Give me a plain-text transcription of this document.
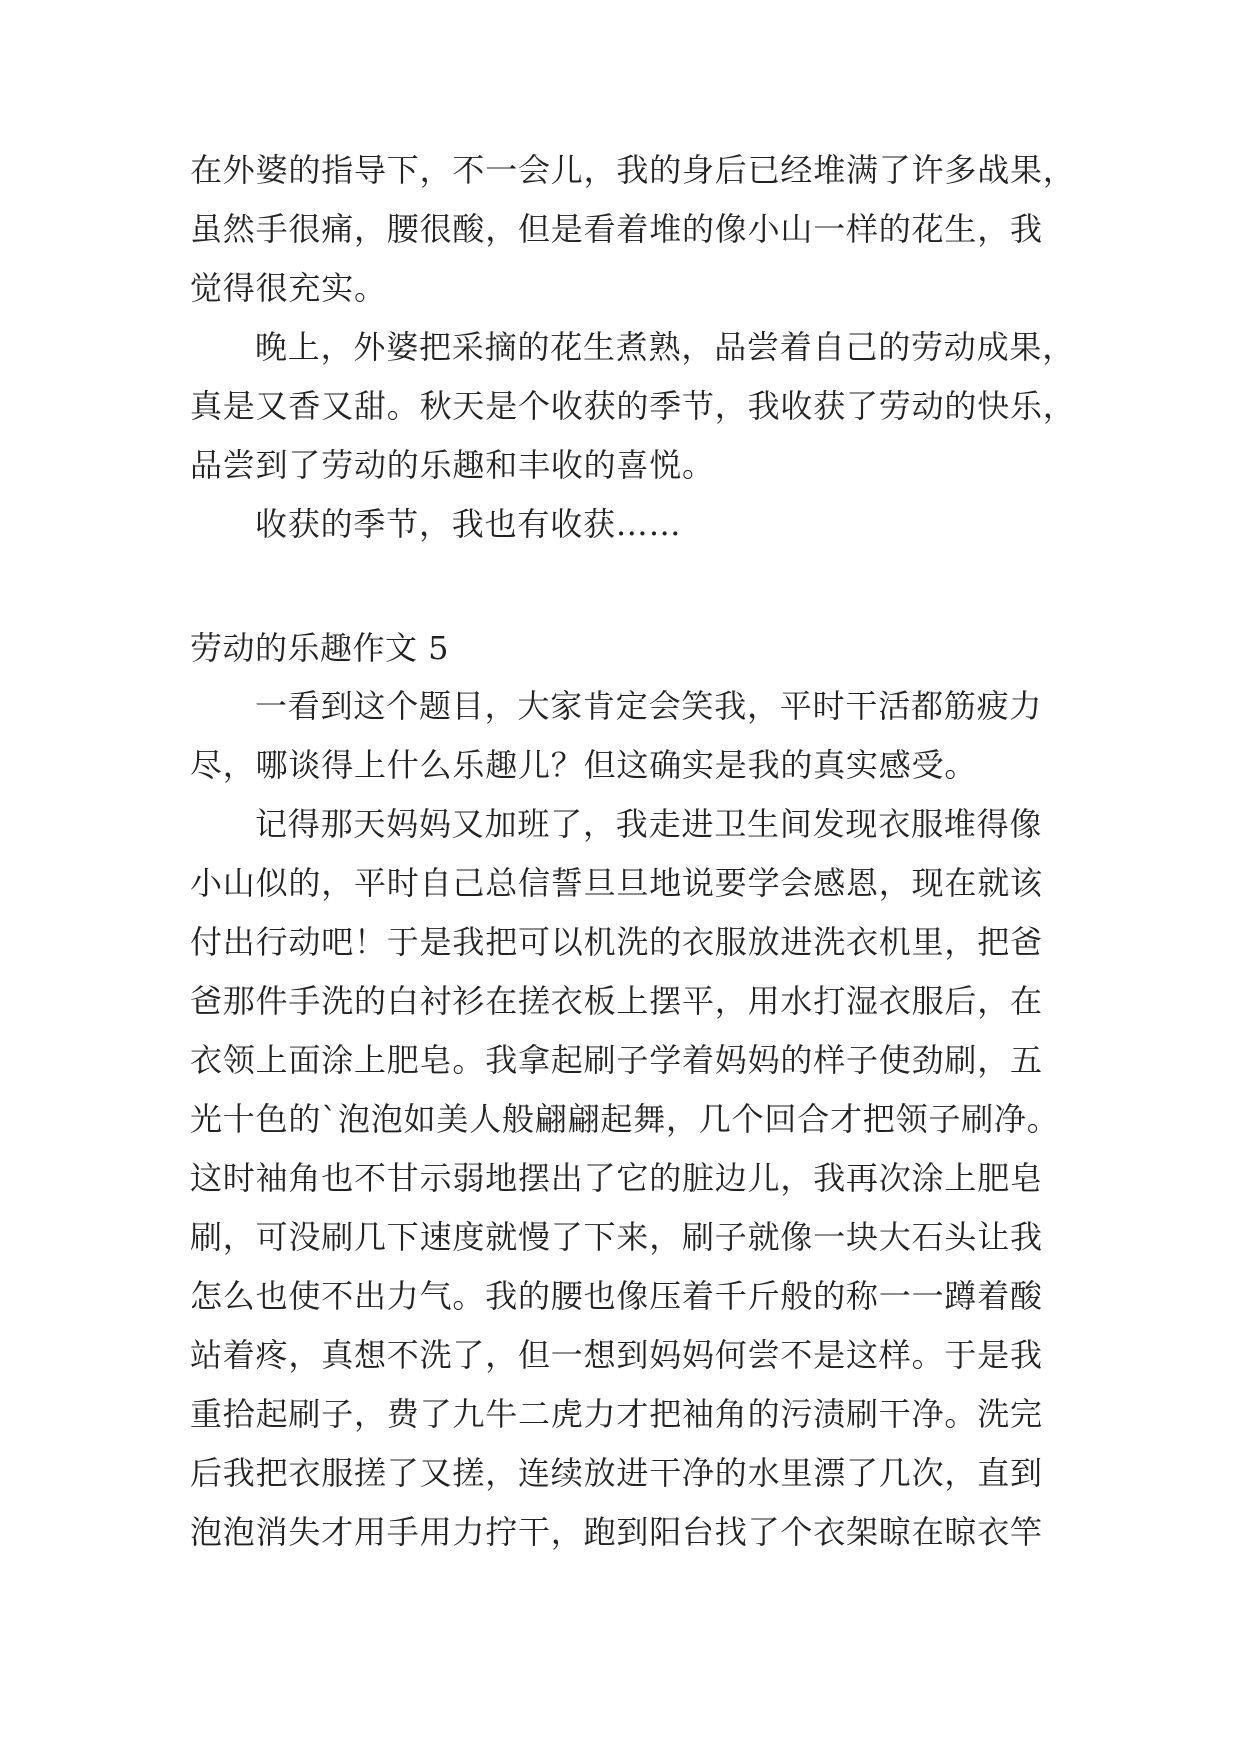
在外婆的指导下，不一会儿，我的身后已经堆满了许多战果，
虽然手很痛，腰很酸，但是看着堆的像小山一样的花生，我
觉得很充实。
晚上，外婆把采摘的花生煮熟，品尝着自己的劳动成果，
真是又香又甜。秋天是个收获的季节，我收获了劳动的快乐，
品尝到了劳动的乐趣和丰收的喜悦。
收获的季节，我也有收获……
劳动的乐趣作文 5
一看到这个题目，大家肯定会笑我，平时干活都筋疲力
尽，哪谈得上什么乐趣儿？但这确实是我的真实感受。
记得那天妈妈又加班了，我走进卫生间发现衣服堆得像
小山似的，平时自己总信誓旦旦地说要学会感恩，现在就该
付出行动吧！于是我把可以机洗的衣服放进洗衣机里，把爸
爸那件手洗的白衬衫在搓衣板上摆平，用水打湿衣服后，在
衣领上面涂上肥皂。我拿起刷子学着妈妈的样子使劲刷，五
光十色的`泡泡如美人般翩翩起舞，几个回合才把领子刷净。
这时袖角也不甘示弱地摆出了它的脏边儿，我再次涂上肥皂
刷，可没刷几下速度就慢了下来，刷子就像一块大石头让我
怎么也使不出力气。我的腰也像压着千斤般的称一一蹲着酸
站着疼，真想不洗了，但一想到妈妈何尝不是这样。于是我
重拾起刷子，费了九牛二虎力才把袖角的污渍刷干净。洗完
后我把衣服搓了又搓，连续放进干净的水里漂了几次，直到
泡泡消失才用手用力拧干，跑到阳台找了个衣架晾在晾衣竿
